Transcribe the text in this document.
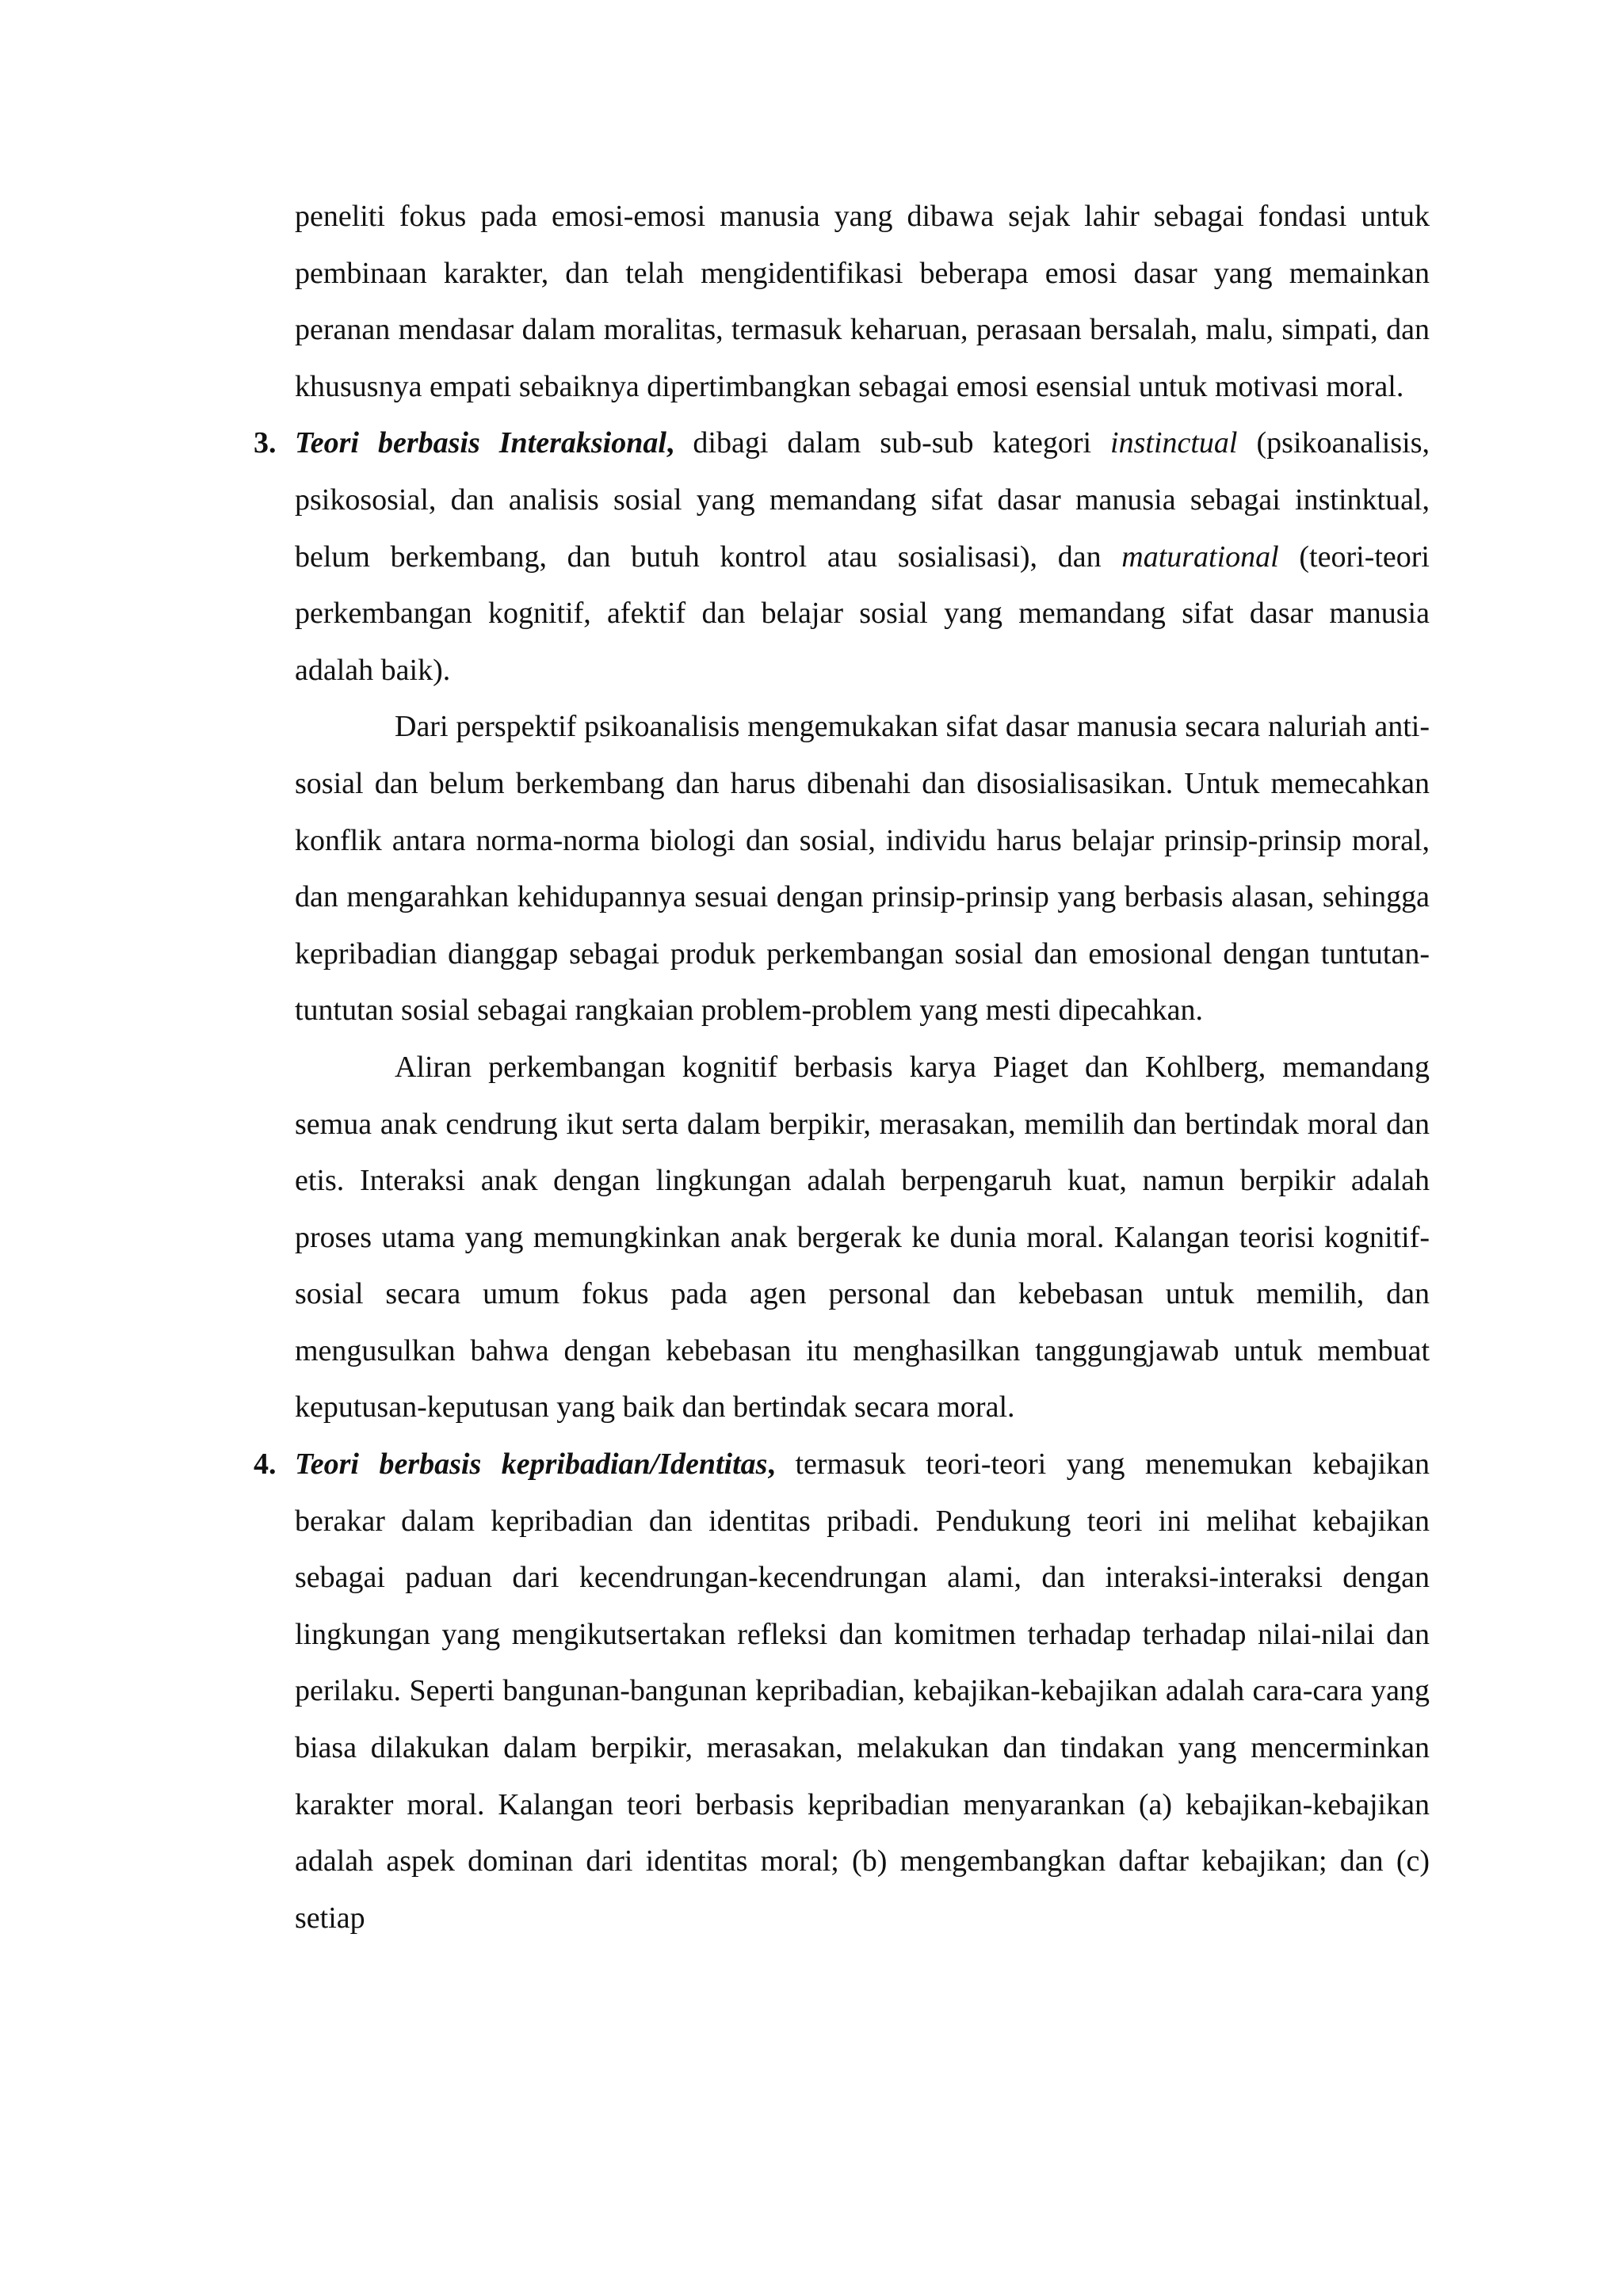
peneliti fokus pada emosi-emosi manusia yang dibawa sejak lahir sebagai fondasi untuk pembinaan karakter, dan telah mengidentifikasi beberapa emosi dasar yang memainkan peranan mendasar dalam moralitas, termasuk keharuan, perasaan bersalah, malu, simpati, dan khususnya empati sebaiknya dipertimbangkan sebagai emosi esensial untuk motivasi moral.

3. Teori berbasis Interaksional, dibagi dalam sub-sub kategori instinctual (psikoanalisis, psikososial, dan analisis sosial yang memandang sifat dasar manusia sebagai instinktual, belum berkembang, dan butuh kontrol atau sosialisasi), dan maturational (teori-teori perkembangan kognitif, afektif dan belajar sosial yang memandang sifat dasar manusia adalah baik).

Dari perspektif psikoanalisis mengemukakan sifat dasar manusia secara naluriah anti-sosial dan belum berkembang dan harus dibenahi dan disosialisasikan. Untuk memecahkan konflik antara norma-norma biologi dan sosial, individu harus belajar prinsip-prinsip moral, dan mengarahkan kehidupannya sesuai dengan prinsip-prinsip yang berbasis alasan, sehingga kepribadian dianggap sebagai produk perkembangan sosial dan emosional dengan tuntutan-tuntutan sosial sebagai rangkaian problem-problem yang mesti dipecahkan.

Aliran perkembangan kognitif berbasis karya Piaget dan Kohlberg, memandang semua anak cendrung ikut serta dalam berpikir, merasakan, memilih dan bertindak moral dan etis. Interaksi anak dengan lingkungan adalah berpengaruh kuat, namun berpikir adalah proses utama yang memungkinkan anak bergerak ke dunia moral. Kalangan teorisi kognitif-sosial secara umum fokus pada agen personal dan kebebasan untuk memilih, dan mengusulkan bahwa dengan kebebasan itu menghasilkan tanggungjawab untuk membuat keputusan-keputusan yang baik dan bertindak secara moral.

4. Teori berbasis kepribadian/Identitas, termasuk teori-teori yang menemukan kebajikan berakar dalam kepribadian dan identitas pribadi. Pendukung teori ini melihat kebajikan sebagai paduan dari kecendrungan-kecendrungan alami, dan interaksi-interaksi dengan lingkungan yang mengikutsertakan refleksi dan komitmen terhadap terhadap nilai-nilai dan perilaku. Seperti bangunan-bangunan kepribadian, kebajikan-kebajikan adalah cara-cara yang biasa dilakukan dalam berpikir, merasakan, melakukan dan tindakan yang mencerminkan karakter moral. Kalangan teori berbasis kepribadian menyarankan (a) kebajikan-kebajikan adalah aspek dominan dari identitas moral; (b) mengembangkan daftar kebajikan; dan (c) setiap
